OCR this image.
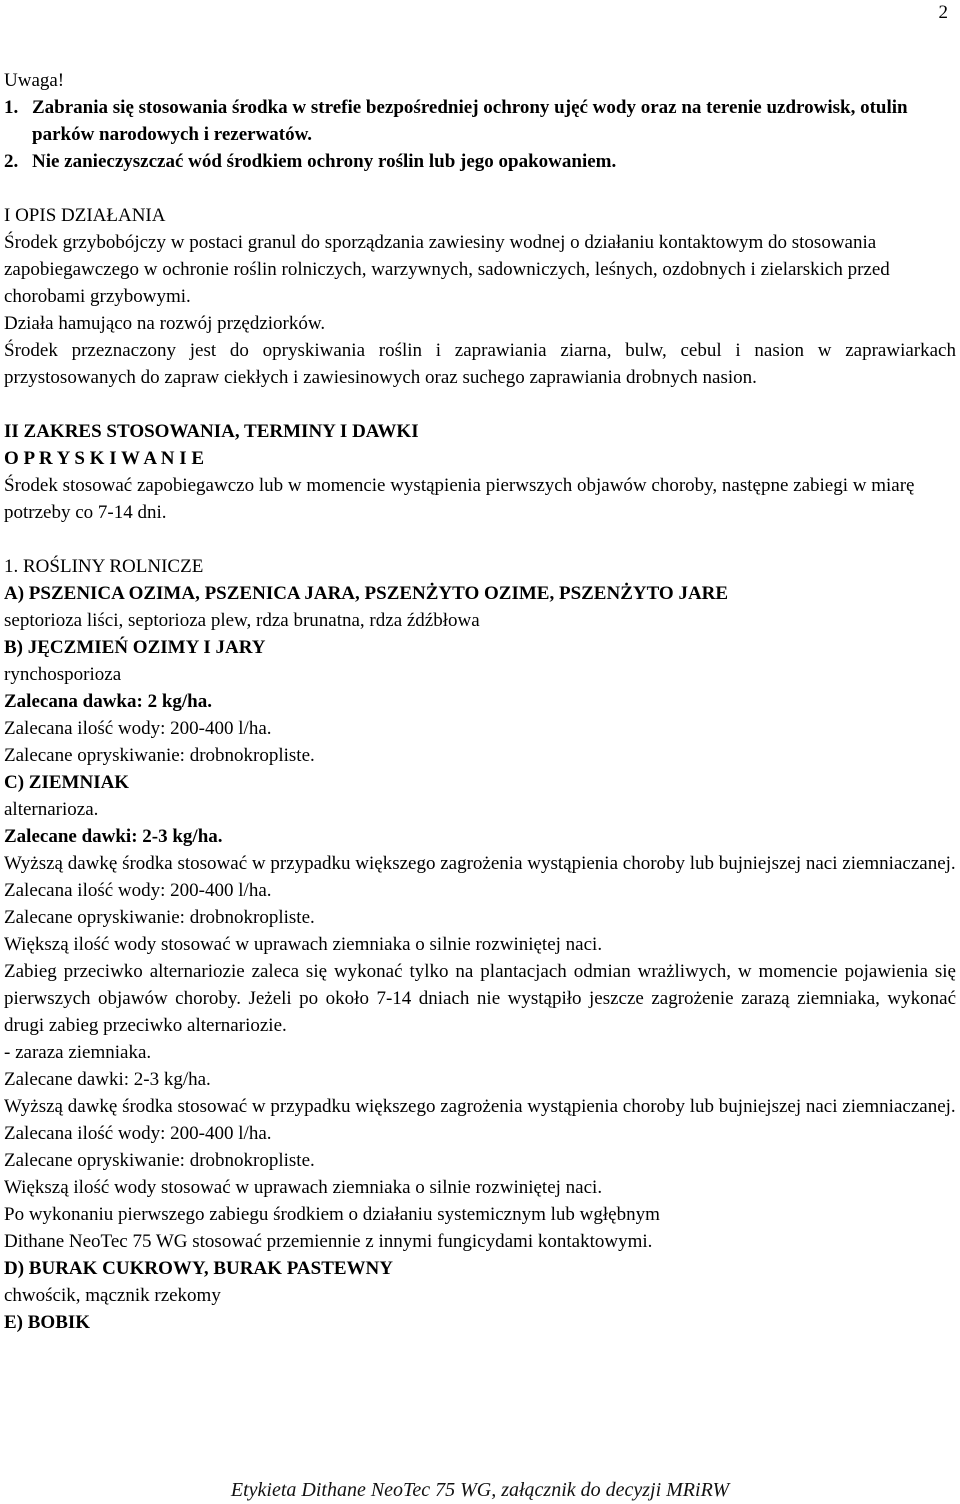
2

Uwaga!

1. Zabrania się stosowania środka w strefie bezpośredniej ochrony ujęć wody oraz na terenie uzdrowisk, otulin parków narodowych i rezerwatów.
2. Nie zanieczyszczać wód środkiem ochrony roślin lub jego opakowaniem.

I OPIS DZIAŁANIA

Środek grzybobójczy w postaci granul do sporządzania zawiesiny wodnej o działaniu kontaktowym do stosowania zapobiegawczego w ochronie roślin rolniczych, warzywnych, sadowniczych, leśnych, ozdobnych i zielarskich przed chorobami grzybowymi.

Działa hamująco na rozwój przędziorków.

Środek przeznaczony jest do opryskiwania roślin i zaprawiania ziarna, bulw, cebul i nasion w zaprawiarkach przystosowanych do zapraw ciekłych i zawiesinowych oraz suchego zaprawiania drobnych nasion.

II ZAKRES STOSOWANIA, TERMINY I DAWKI

O P R Y S K I W A N I E

Środek stosować zapobiegawczo lub w momencie wystąpienia pierwszych objawów choroby, następne zabiegi w miarę potrzeby co 7-14 dni.

1. ROŚLINY ROLNICZE

A) PSZENICA OZIMA, PSZENICA JARA, PSZENŻYTO OZIME, PSZENŻYTO JARE

septorioza liści, septorioza plew, rdza brunatna, rdza źdźbłowa

B) JĘCZMIEŃ OZIMY I JARY

rynchosporioza

Zalecana dawka: 2 kg/ha.

Zalecana ilość wody: 200-400 l/ha.

Zalecane opryskiwanie: drobnokropliste.

C) ZIEMNIAK

alternarioza.

Zalecane dawki: 2-3 kg/ha.

Wyższą dawkę środka stosować w przypadku większego zagrożenia wystąpienia choroby lub bujniejszej naci ziemniaczanej.

Zalecana ilość wody: 200-400 l/ha.

Zalecane opryskiwanie: drobnokropliste.

Większą ilość wody stosować w uprawach ziemniaka o silnie rozwiniętej naci.

Zabieg przeciwko alternariozie zaleca się wykonać tylko na plantacjach odmian wrażliwych, w momencie pojawienia się pierwszych objawów choroby. Jeżeli po około 7-14 dniach nie wystąpiło jeszcze zagrożenie zarazą ziemniaka, wykonać drugi zabieg przeciwko alternariozie.

- zaraza ziemniaka.

Zalecane dawki: 2-3 kg/ha.

Wyższą dawkę środka stosować w przypadku większego zagrożenia wystąpienia choroby lub bujniejszej naci ziemniaczanej.

Zalecana ilość wody: 200-400 l/ha.

Zalecane opryskiwanie: drobnokropliste.

Większą ilość wody stosować w uprawach ziemniaka o silnie rozwiniętej naci.

Po wykonaniu pierwszego zabiegu środkiem o działaniu systemicznym lub wgłębnym

Dithane NeoTec 75 WG stosować przemiennie z innymi fungicydami kontaktowymi.

D) BURAK CUKROWY, BURAK PASTEWNY

chwościk, mącznik rzekomy

E) BOBIK

Etykieta Dithane NeoTec 75 WG, załącznik do decyzji MRiRW
